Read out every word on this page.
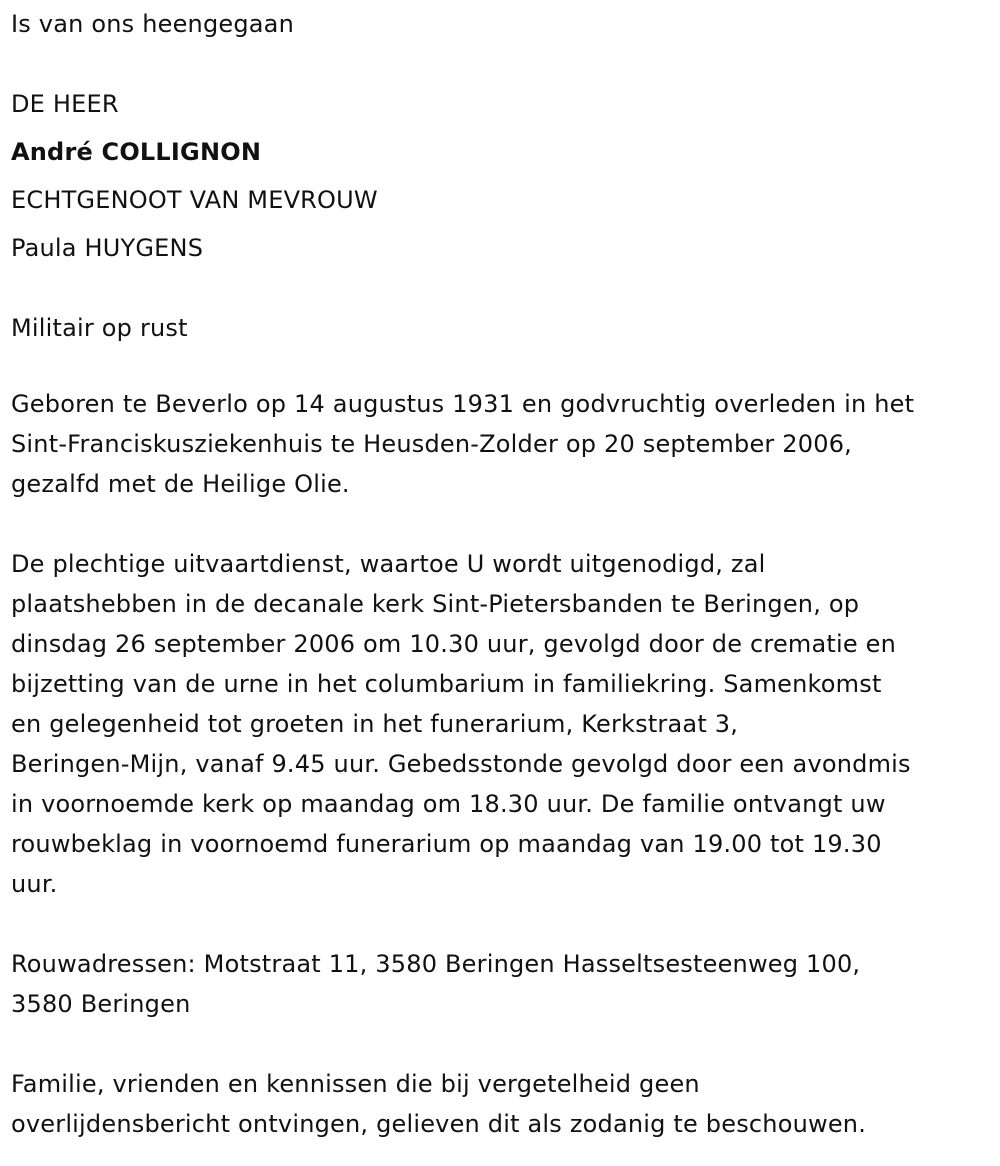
Is van ons heengegaan
DE HEER
André COLLIGNON
ECHTGENOOT VAN MEVROUW
Paula HUYGENS
Militair op rust
Geboren te Beverlo op 14 augustus 1931 en godvruchtig overleden in het
Sint-Franciskusziekenhuis te Heusden-Zolder op 20 september 2006,
gezalfd met de Heilige Olie.

De plechtige uitvaartdienst, waartoe U wordt uitgenodigd, zal
plaatshebben in de decanale kerk Sint-Pietersbanden te Beringen, op
dinsdag 26 september 2006 om 10.30 uur, gevolgd door de crematie en
bijzetting van de urne in het columbarium in familiekring. Samenkomst
en gelegenheid tot groeten in het funerarium, Kerkstraat 3,
Beringen-Mijn, vanaf 9.45 uur. Gebedsstonde gevolgd door een avondmis
in voornoemde kerk op maandag om 18.30 uur. De familie ontvangt uw
rouwbeklag in voornoemd funerarium op maandag van 19.00 tot 19.30
uur.

Rouwadressen: Motstraat 11, 3580 Beringen Hasseltsesteenweg 100,
3580 Beringen

Familie, vrienden en kennissen die bij vergetelheid geen
overlijdensbericht ontvingen, gelieven dit als zodanig te beschouwen.
